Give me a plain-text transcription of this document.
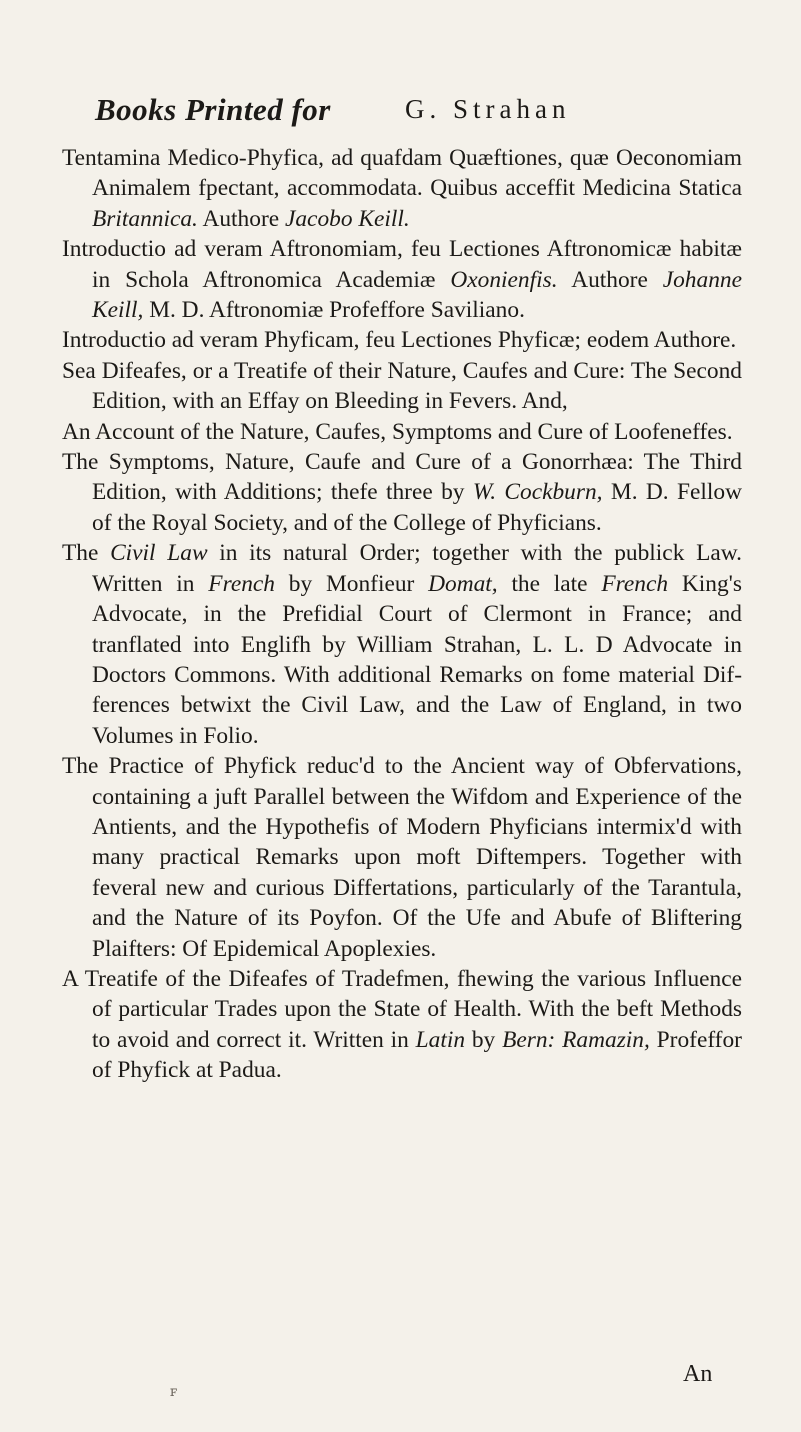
Books Printed for	G. Strahan

Tentamina Medico-Phyfica, ad quafdam Quæftiones, quæ Oeconomiam Animalem fpectant, accommodata. Quibus acceffit Medicina Statica Britannica. Authore Jacobo Keill.

Introductio ad veram Aftronomiam, feu Lectiones Aftronomicæ habitæ in Schola Aftronomica Academiæ Oxonienfis. Authore Johanne Keill, M. D. Aftronomiæ Profeffore Saviliano.

Introductio ad veram Phyficam, feu Lectiones Phyficæ; eodem Authore.

Sea Difeafes, or a Treatife of their Nature, Caufes and Cure: The Second Edition, with an Effay on Bleeding in Fevers. And,

An Account of the Nature, Caufes, Symptoms and Cure of Loofeneffes.

The Symptoms, Nature, Caufe and Cure of a Gonorrhæa: The Third Edition, with Additions; thefe three by W. Cockburn, M. D. Fellow of the Royal Society, and of the College of Phyficians.

The Civil Law in its natural Order; together with the publick Law. Written in French by Monfieur Domat, the late French King's Advocate, in the Prefidial Court of Clermont in France; and tranflated into Englifh by William Strahan, L. L. D Advocate in Doctors Commons. With additional Remarks on fome material Differences betwixt the Civil Law, and the Law of England, in two Volumes in Folio.

The Practice of Phyfick reduc'd to the Ancient way of Obfervations, containing a juft Parallel between the Wifdom and Experience of the Antients, and the Hypothefis of Modern Phyficians intermix'd with many practical Remarks upon moft Diftempers. Together with feveral new and curious Differtations, particularly of the Tarantula, and the Nature of its Poyfon. Of the Ufe and Abufe of Bliftering Plaifters: Of Epidemical Apoplexies.

A Treatife of the Difeafes of Tradefmen, fhewing the various Influence of particular Trades upon the State of Health. With the beft Methods to avoid and correct it. Written in Latin by Bern: Ramazin, Profeffor of Phyfick at Padua.

An
ꜰ
